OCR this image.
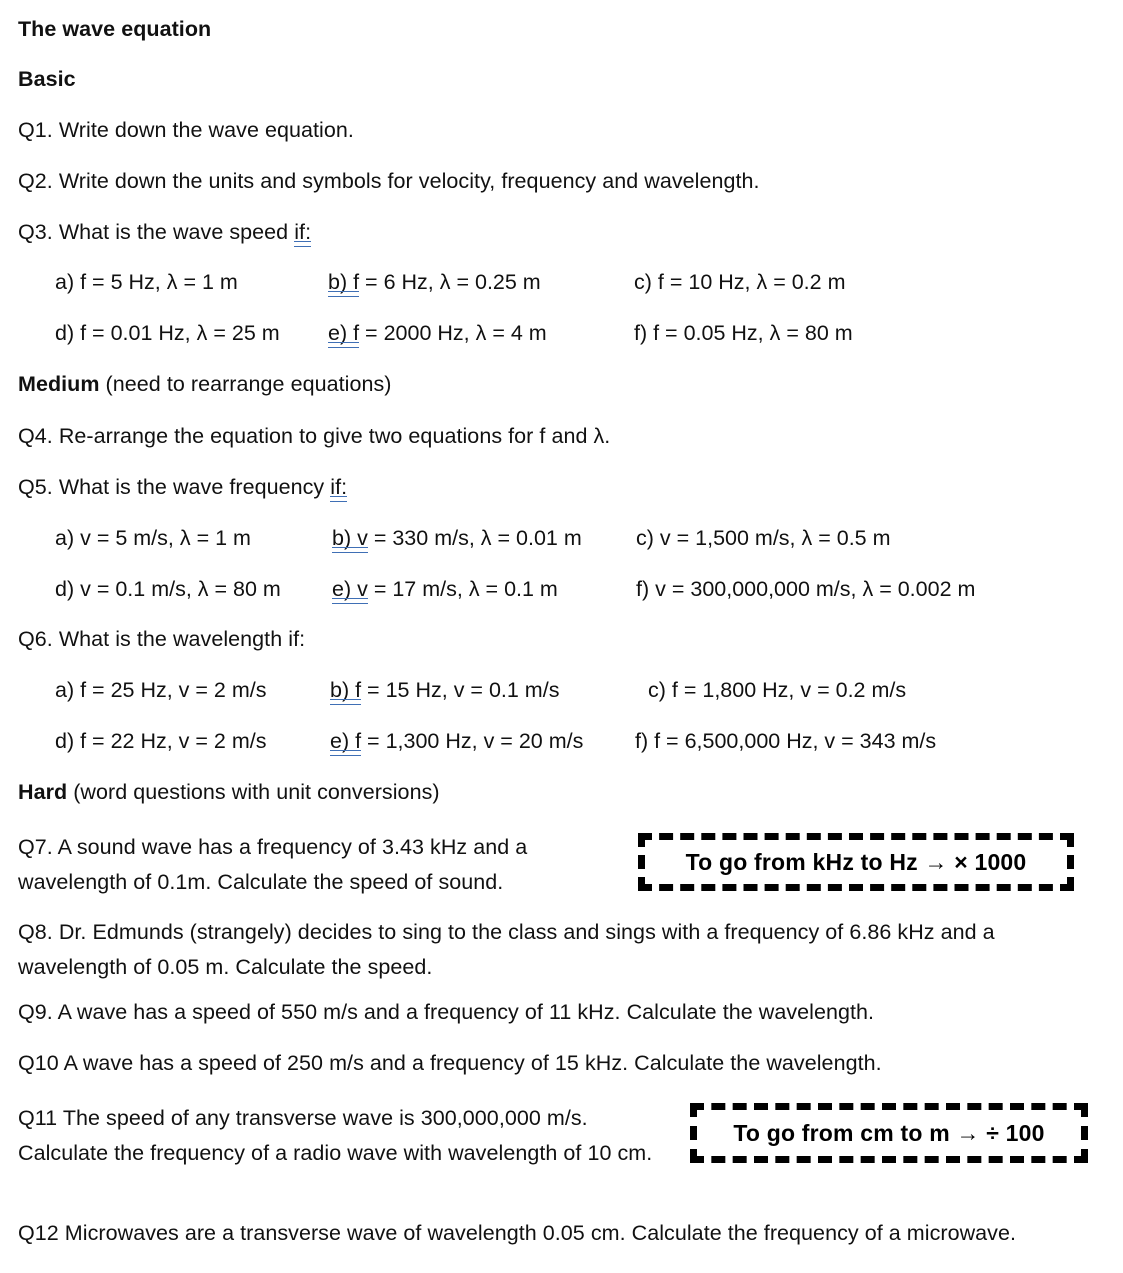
The wave equation
Basic
Q1. Write down the wave equation.
Q2. Write down the units and symbols for velocity, frequency and wavelength.
Q3. What is the wave speed if:
a) f = 5 Hz, λ = 1 m	b) f = 6 Hz, λ = 0.25 m	c) f = 10 Hz, λ = 0.2 m
d) f = 0.01 Hz, λ = 25 m e) f = 2000 Hz, λ = 4 m	f) f = 0.05 Hz, λ = 80 m
Medium (need to rearrange equations)
Q4. Re-arrange the equation to give two equations for f and λ.
Q5. What is the wave frequency if:
a) v = 5 m/s, λ = 1 m	b) v = 330 m/s, λ = 0.01 m	c) v = 1,500 m/s, λ = 0.5 m
d) v = 0.1 m/s, λ = 80 m e) v = 17 m/s, λ = 0.1 m	f) v = 300,000,000 m/s, λ = 0.002 m
Q6. What is the wavelength if:
a) f = 25 Hz, v = 2 m/s	b) f = 15 Hz, v = 0.1 m/s	c) f = 1,800 Hz, v = 0.2 m/s
d) f = 22 Hz, v = 2 m/s	e) f = 1,300 Hz, v = 20 m/s f) f = 6,500,000 Hz, v = 343 m/s
Hard (word questions with unit conversions)
Q7. A sound wave has a frequency of 3.43 kHz and a wavelength of 0.1m. Calculate the speed of sound.
To go from kHz to Hz → × 1000
Q8. Dr. Edmunds (strangely) decides to sing to the class and sings with a frequency of 6.86 kHz and a wavelength of 0.05 m. Calculate the speed.
Q9. A wave has a speed of 550 m/s and a frequency of 11 kHz. Calculate the wavelength.
Q10 A wave has a speed of 250 m/s and a frequency of 15 kHz. Calculate the wavelength.
Q11 The speed of any transverse wave is 300,000,000 m/s. Calculate the frequency of a radio wave with wavelength of 10 cm.
To go from cm to m → ÷ 100
Q12 Microwaves are a transverse wave of wavelength 0.05 cm. Calculate the frequency of a microwave.
